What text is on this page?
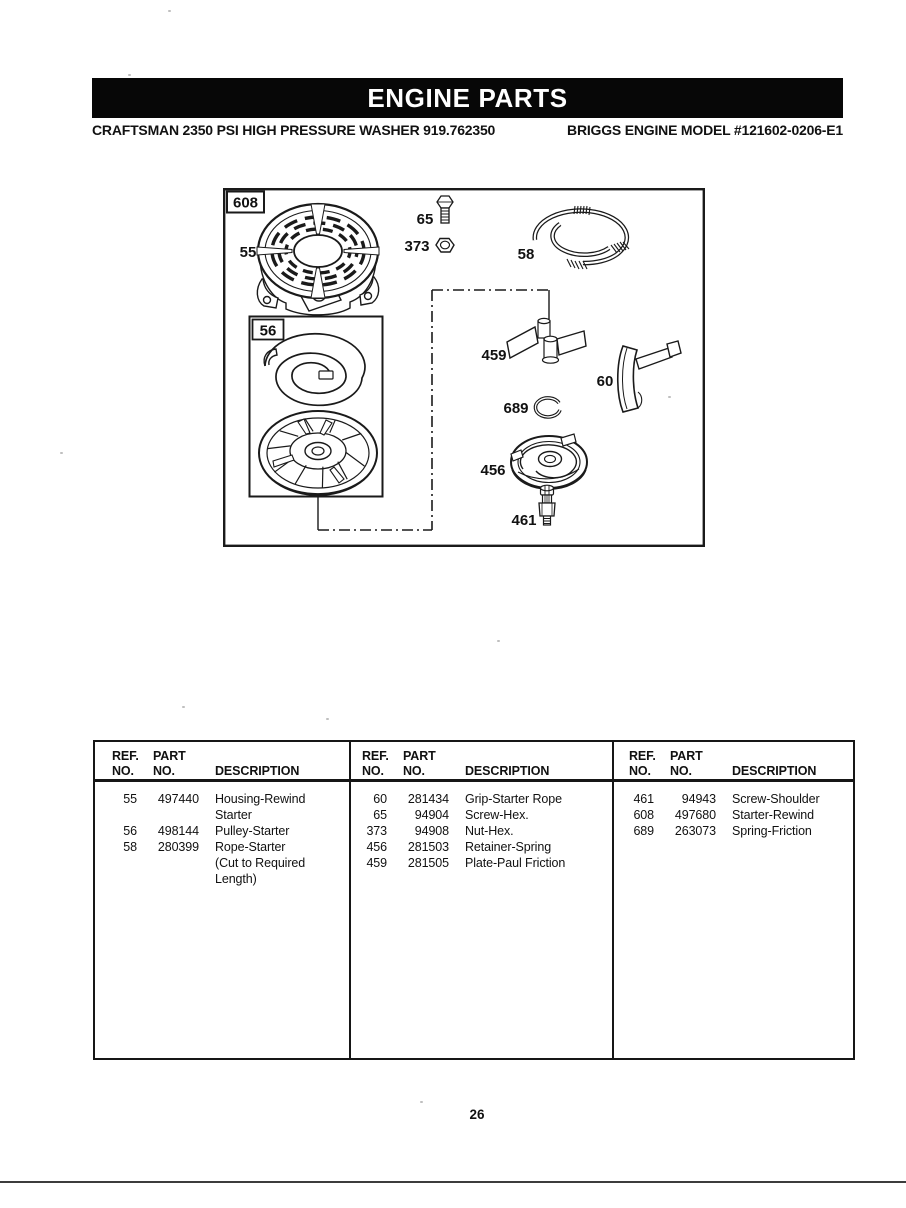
ENGINE PARTS
CRAFTSMAN 2350 PSI HIGH PRESSURE WASHER 919.762350	BRIGGS ENGINE MODEL #121602-0206-E1
608
55
65
373	58
56
459
60
689
456
461
REF.	PART
NO.	NO.	DESCRIPTION
55	497440 Housing-Rewind
Starter
56	498144 Pulley-Starter
58	280399 Rope-Starter
(Cut to Required
Length)
REF.	PART
NO.	NO.	DESCRIPTION
60	281434 Grip-Starter Rope
65	94904 Screw-Hex.
373	94908 Nut-Hex.
456	281503 Retainer-Spring
459	281505 Plate-Paul Friction
REF.	PART
NO.	NO.	DESCRIPTION
461	94943 Screw-Shoulder
608	497680 Starter-Rewind
689	263073 Spring-Friction
26
